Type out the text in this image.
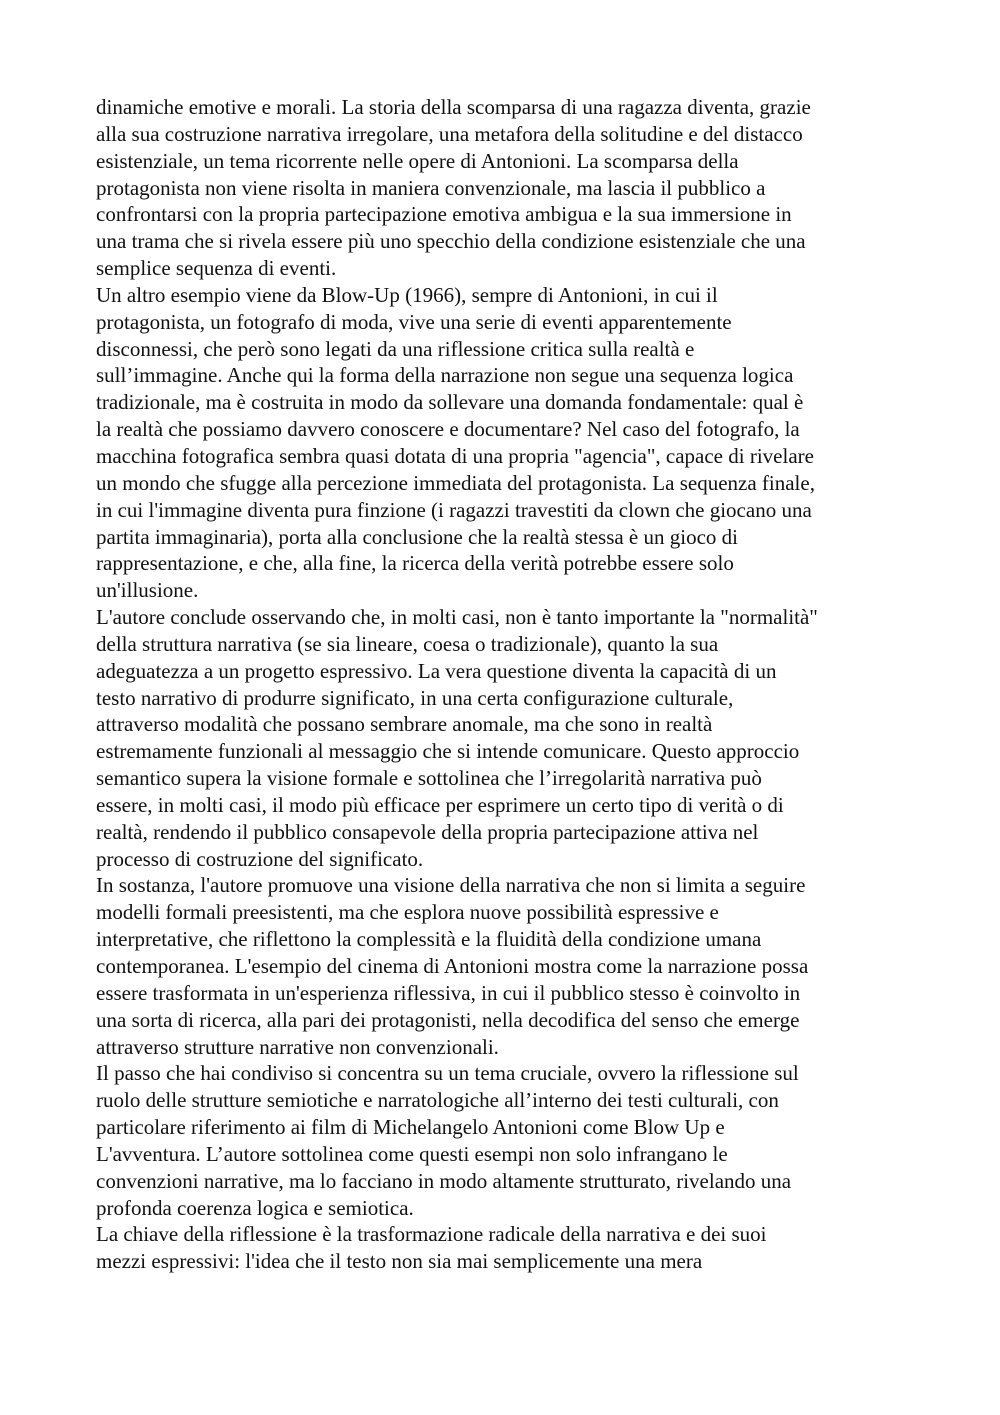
dinamiche emotive e morali. La storia della scomparsa di una ragazza diventa, grazie
alla sua costruzione narrativa irregolare, una metafora della solitudine e del distacco
esistenziale, un tema ricorrente nelle opere di Antonioni. La scomparsa della
protagonista non viene risolta in maniera convenzionale, ma lascia il pubblico a
confrontarsi con la propria partecipazione emotiva ambigua e la sua immersione in
una trama che si rivela essere più uno specchio della condizione esistenziale che una
semplice sequenza di eventi.

Un altro esempio viene da Blow-Up (1966), sempre di Antonioni, in cui il
protagonista, un fotografo di moda, vive una serie di eventi apparentemente
disconnessi, che però sono legati da una riflessione critica sulla realtà e
sull’immagine. Anche qui la forma della narrazione non segue una sequenza logica
tradizionale, ma è costruita in modo da sollevare una domanda fondamentale: qual è
la realtà che possiamo davvero conoscere e documentare? Nel caso del fotografo, la
macchina fotografica sembra quasi dotata di una propria "agencia", capace di rivelare
un mondo che sfugge alla percezione immediata del protagonista. La sequenza finale,
in cui l'immagine diventa pura finzione (i ragazzi travestiti da clown che giocano una
partita immaginaria), porta alla conclusione che la realtà stessa è un gioco di
rappresentazione, e che, alla fine, la ricerca della verità potrebbe essere solo
un'illusione.

L'autore conclude osservando che, in molti casi, non è tanto importante la "normalità"
della struttura narrativa (se sia lineare, coesa o tradizionale), quanto la sua
adeguatezza a un progetto espressivo. La vera questione diventa la capacità di un
testo narrativo di produrre significato, in una certa configurazione culturale,
attraverso modalità che possano sembrare anomale, ma che sono in realtà
estremamente funzionali al messaggio che si intende comunicare. Questo approccio
semantico supera la visione formale e sottolinea che l’irregolarità narrativa può
essere, in molti casi, il modo più efficace per esprimere un certo tipo di verità o di
realtà, rendendo il pubblico consapevole della propria partecipazione attiva nel
processo di costruzione del significato.

In sostanza, l'autore promuove una visione della narrativa che non si limita a seguire
modelli formali preesistenti, ma che esplora nuove possibilità espressive e
interpretative, che riflettono la complessità e la fluidità della condizione umana
contemporanea. L'esempio del cinema di Antonioni mostra come la narrazione possa
essere trasformata in un'esperienza riflessiva, in cui il pubblico stesso è coinvolto in
una sorta di ricerca, alla pari dei protagonisti, nella decodifica del senso che emerge
attraverso strutture narrative non convenzionali.

Il passo che hai condiviso si concentra su un tema cruciale, ovvero la riflessione sul
ruolo delle strutture semiotiche e narratologiche all’interno dei testi culturali, con
particolare riferimento ai film di Michelangelo Antonioni come Blow Up e
L'avventura. L’autore sottolinea come questi esempi non solo infrangano le
convenzioni narrative, ma lo facciano in modo altamente strutturato, rivelando una
profonda coerenza logica e semiotica.

La chiave della riflessione è la trasformazione radicale della narrativa e dei suoi
mezzi espressivi: l'idea che il testo non sia mai semplicemente una mera
